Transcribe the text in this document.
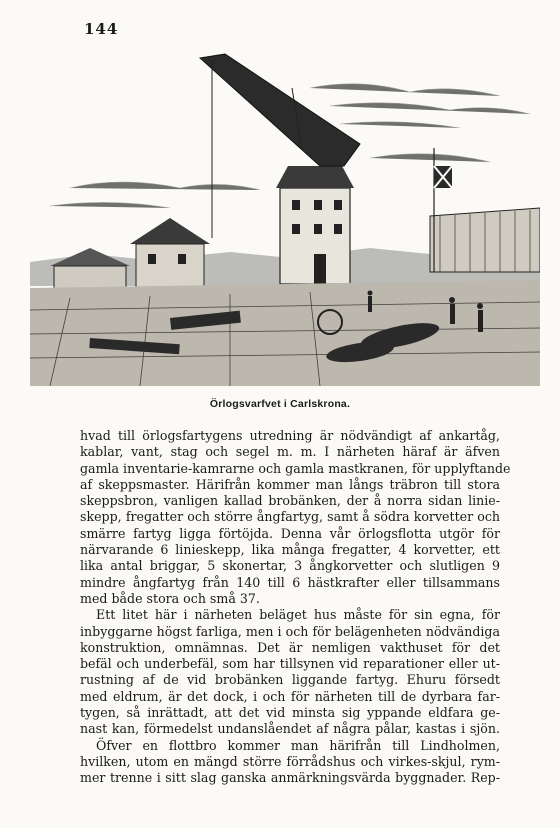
144
Örlogsvarfvet i Carlskrona.
hvad till örlogsfartygens utredning är nödvändigt af ankartåg,
kablar, vant, stag och segel m. m. I närheten häraf är äfven
gamla inventarie-kamrarne och gamla mastkranen, för upplyftande
af skeppsmaster. Härifrån kommer man långs träbron till stora
skeppsbron, vanligen kallad brobänken, der å norra sidan linie-
skepp, fregatter och större ångfartyg, samt å södra korvetter och
smärre fartyg ligga förtöjda. Denna vår örlogsflotta utgör för
närvarande 6 linieskepp, lika många fregatter, 4 korvetter, ett
lika antal briggar, 5 skonertar, 3 ångkorvetter och slutligen 9
mindre ångfartyg från 140 till 6 hästkrafter eller tillsammans
med både stora och små 37.
Ett litet här i närheten beläget hus måste för sin egna, för
inbyggarne högst farliga, men i och för belägenheten nödvändiga
konstruktion, omnämnas. Det är nemligen vakthuset för det
befäl och underbefäl, som har tillsynen vid reparationer eller ut-
rustning af de vid brobänken liggande fartyg. Ehuru försedt
med eldrum, är det dock, i och för närheten till de dyrbara far-
tygen, så inrättadt, att det vid minsta sig yppande eldfara ge-
nast kan, förmedelst undanslåendet af några pålar, kastas i sjön.
Öfver en flottbro kommer man härifrån till Lindholmen,
hvilken, utom en mängd större förrådshus och virkes-skjul, rym-
mer trenne i sitt slag ganska anmärkningsvärda byggnader. Rep-
